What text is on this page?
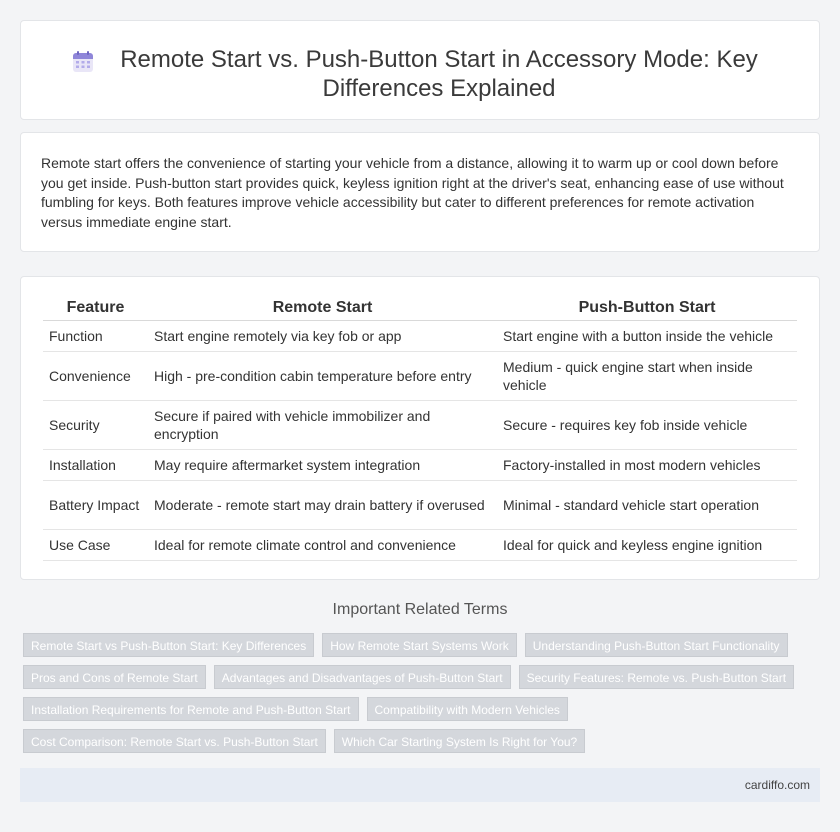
Remote Start vs. Push-Button Start in Accessory Mode: Key Differences Explained

Remote start offers the convenience of starting your vehicle from a distance, allowing it to warm up or cool down before you get inside. Push-button start provides quick, keyless ignition right at the driver's seat, enhancing ease of use without fumbling for keys. Both features improve vehicle accessibility but cater to different preferences for remote activation versus immediate engine start.

Feature	Remote Start	Push-Button Start
Function	Start engine remotely via key fob or app	Start engine with a button inside the vehicle
Convenience	High - pre-condition cabin temperature before entry	Medium - quick engine start when inside vehicle
Security	Secure if paired with vehicle immobilizer and encryption	Secure - requires key fob inside vehicle
Installation	May require aftermarket system integration	Factory-installed in most modern vehicles
Battery Impact	Moderate - remote start may drain battery if overused	Minimal - standard vehicle start operation
Use Case	Ideal for remote climate control and convenience	Ideal for quick and keyless engine ignition
Important Related Terms
Remote Start vs Push-Button Start: Key Differences	How Remote Start Systems Work	Understanding Push-Button Start Functionality
Pros and Cons of Remote Start	Advantages and Disadvantages of Push-Button Start	Security Features: Remote vs. Push-Button Start
Installation Requirements for Remote and Push-Button Start	Compatibility with Modern Vehicles
Cost Comparison: Remote Start vs. Push-Button Start	Which Car Starting System Is Right for You?
cardiffo.com
